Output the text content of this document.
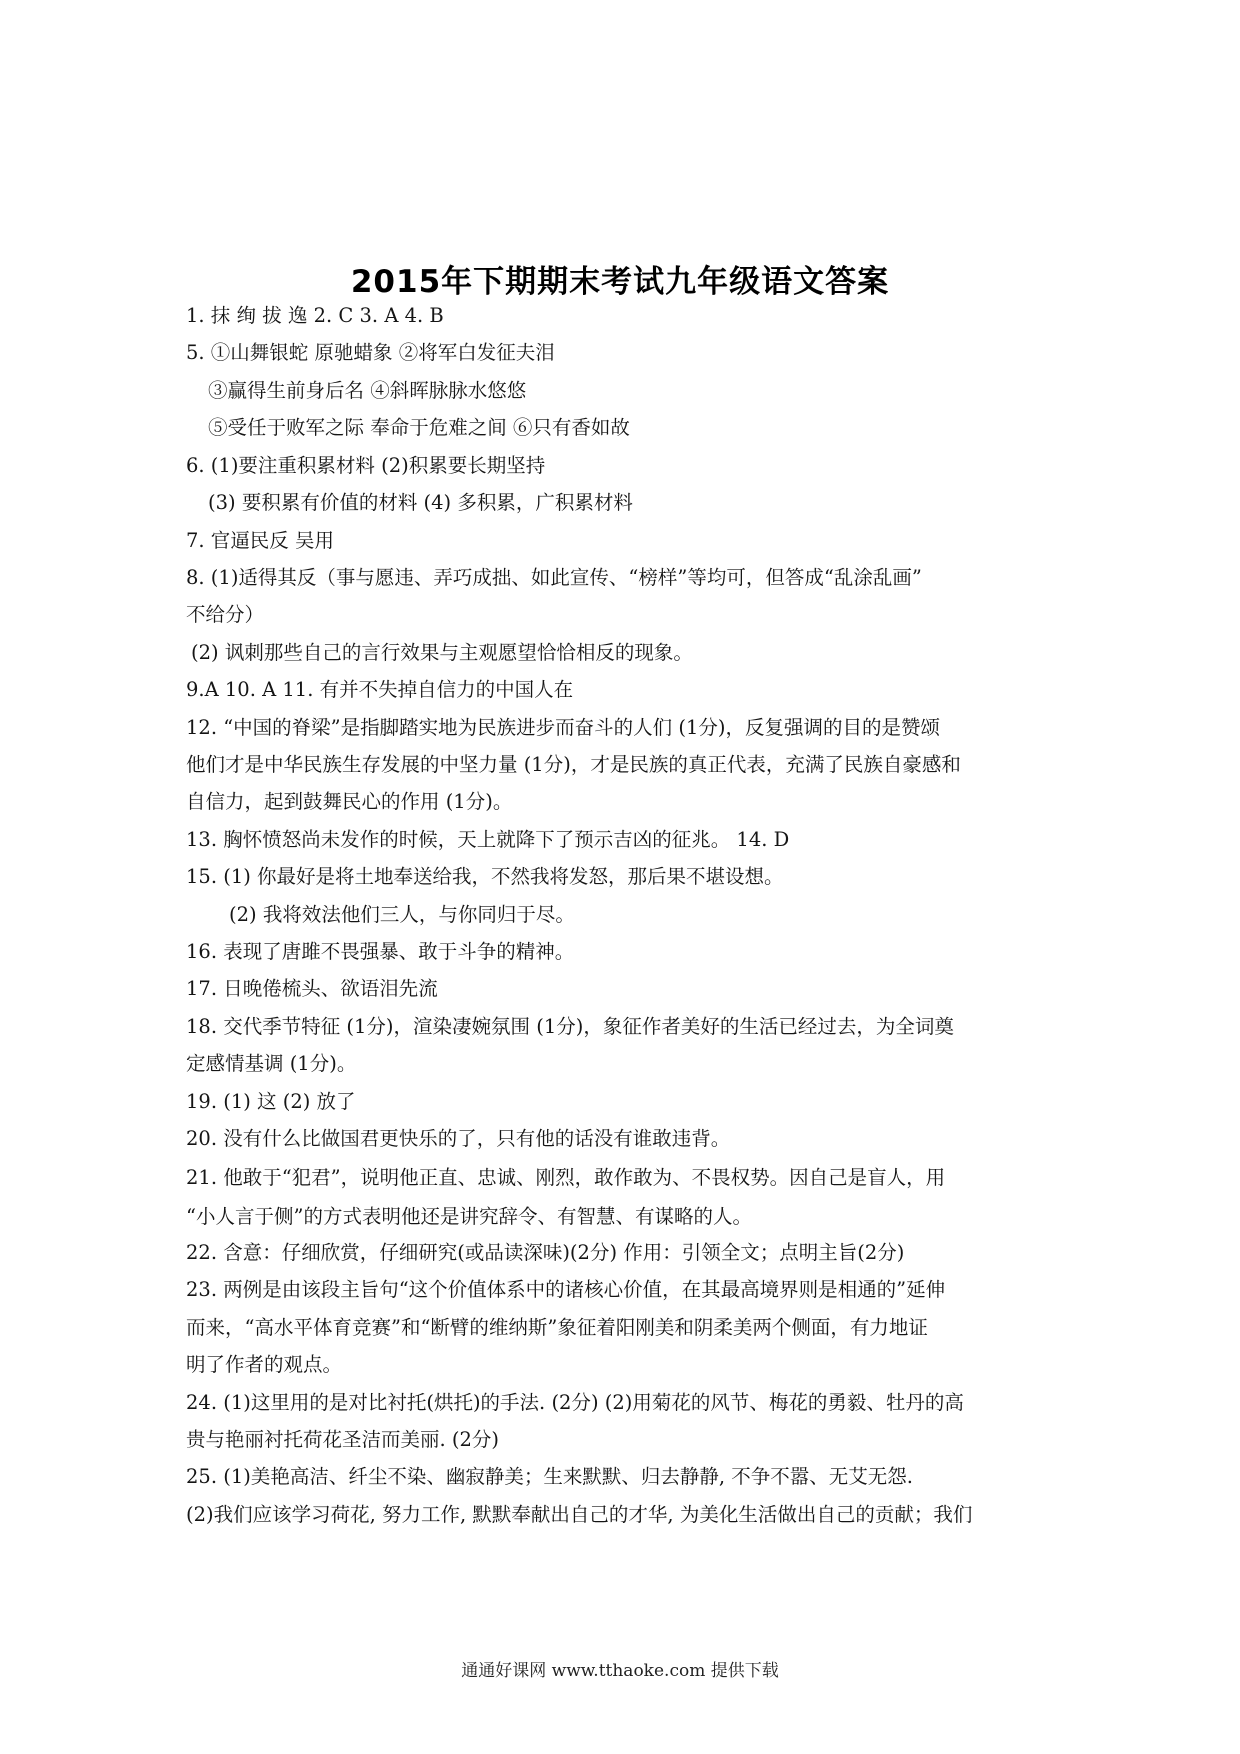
2015年下期期末考试九年级语文答案
1. 抹 绚 拔 逸 2. C 3. A 4. B
5. ①山舞银蛇 原驰蜡象 ②将军白发征夫泪
③赢得生前身后名 ④斜晖脉脉水悠悠
⑤受任于败军之际 奉命于危难之间 ⑥只有香如故
6. (1)要注重积累材料 (2)积累要长期坚持
(3) 要积累有价值的材料 (4) 多积累，广积累材料
7. 官逼民反 吴用
8. (1)适得其反（事与愿违、弄巧成拙、如此宣传、“榜样”等均可，但答成“乱涂乱画”
不给分）
(2) 讽刺那些自己的言行效果与主观愿望恰恰相反的现象。
9.A 10. A 11. 有并不失掉自信力的中国人在
12. “中国的脊梁”是指脚踏实地为民族进步而奋斗的人们 (1分)，反复强调的目的是赞颂
他们才是中华民族生存发展的中坚力量 (1分)，才是民族的真正代表，充满了民族自豪感和
自信力，起到鼓舞民心的作用 (1分)。
13. 胸怀愤怒尚未发作的时候，天上就降下了预示吉凶的征兆。 14. D
15. (1) 你最好是将土地奉送给我，不然我将发怒，那后果不堪设想。
(2) 我将效法他们三人，与你同归于尽。
16. 表现了唐雎不畏强暴、敢于斗争的精神。
17. 日晚倦梳头、欲语泪先流
18. 交代季节特征 (1分)，渲染凄婉氛围 (1分)，象征作者美好的生活已经过去，为全词奠
定感情基调 (1分)。
19. (1) 这 (2) 放了
20. 没有什么比做国君更快乐的了，只有他的话没有谁敢违背。
21. 他敢于“犯君”，说明他正直、忠诚、刚烈，敢作敢为、不畏权势。因自己是盲人，用
“小人言于侧”的方式表明他还是讲究辞令、有智慧、有谋略的人。
22. 含意：仔细欣赏，仔细研究(或品读深味)(2分) 作用：引领全文；点明主旨(2分)
23. 两例是由该段主旨句“这个价值体系中的诸核心价值，在其最高境界则是相通的”延伸
而来，“高水平体育竞赛”和“断臂的维纳斯”象征着阳刚美和阴柔美两个侧面，有力地证
明了作者的观点。
24. (1)这里用的是对比衬托(烘托)的手法. (2分) (2)用菊花的风节、梅花的勇毅、牡丹的高
贵与艳丽衬托荷花圣洁而美丽. (2分)
25. (1)美艳高洁、纤尘不染、幽寂静美；生来默默、归去静静, 不争不嚣、无艾无怨.
(2)我们应该学习荷花, 努力工作, 默默奉献出自己的才华, 为美化生活做出自己的贡献；我们
通通好课网 www.tthaoke.com 提供下载
